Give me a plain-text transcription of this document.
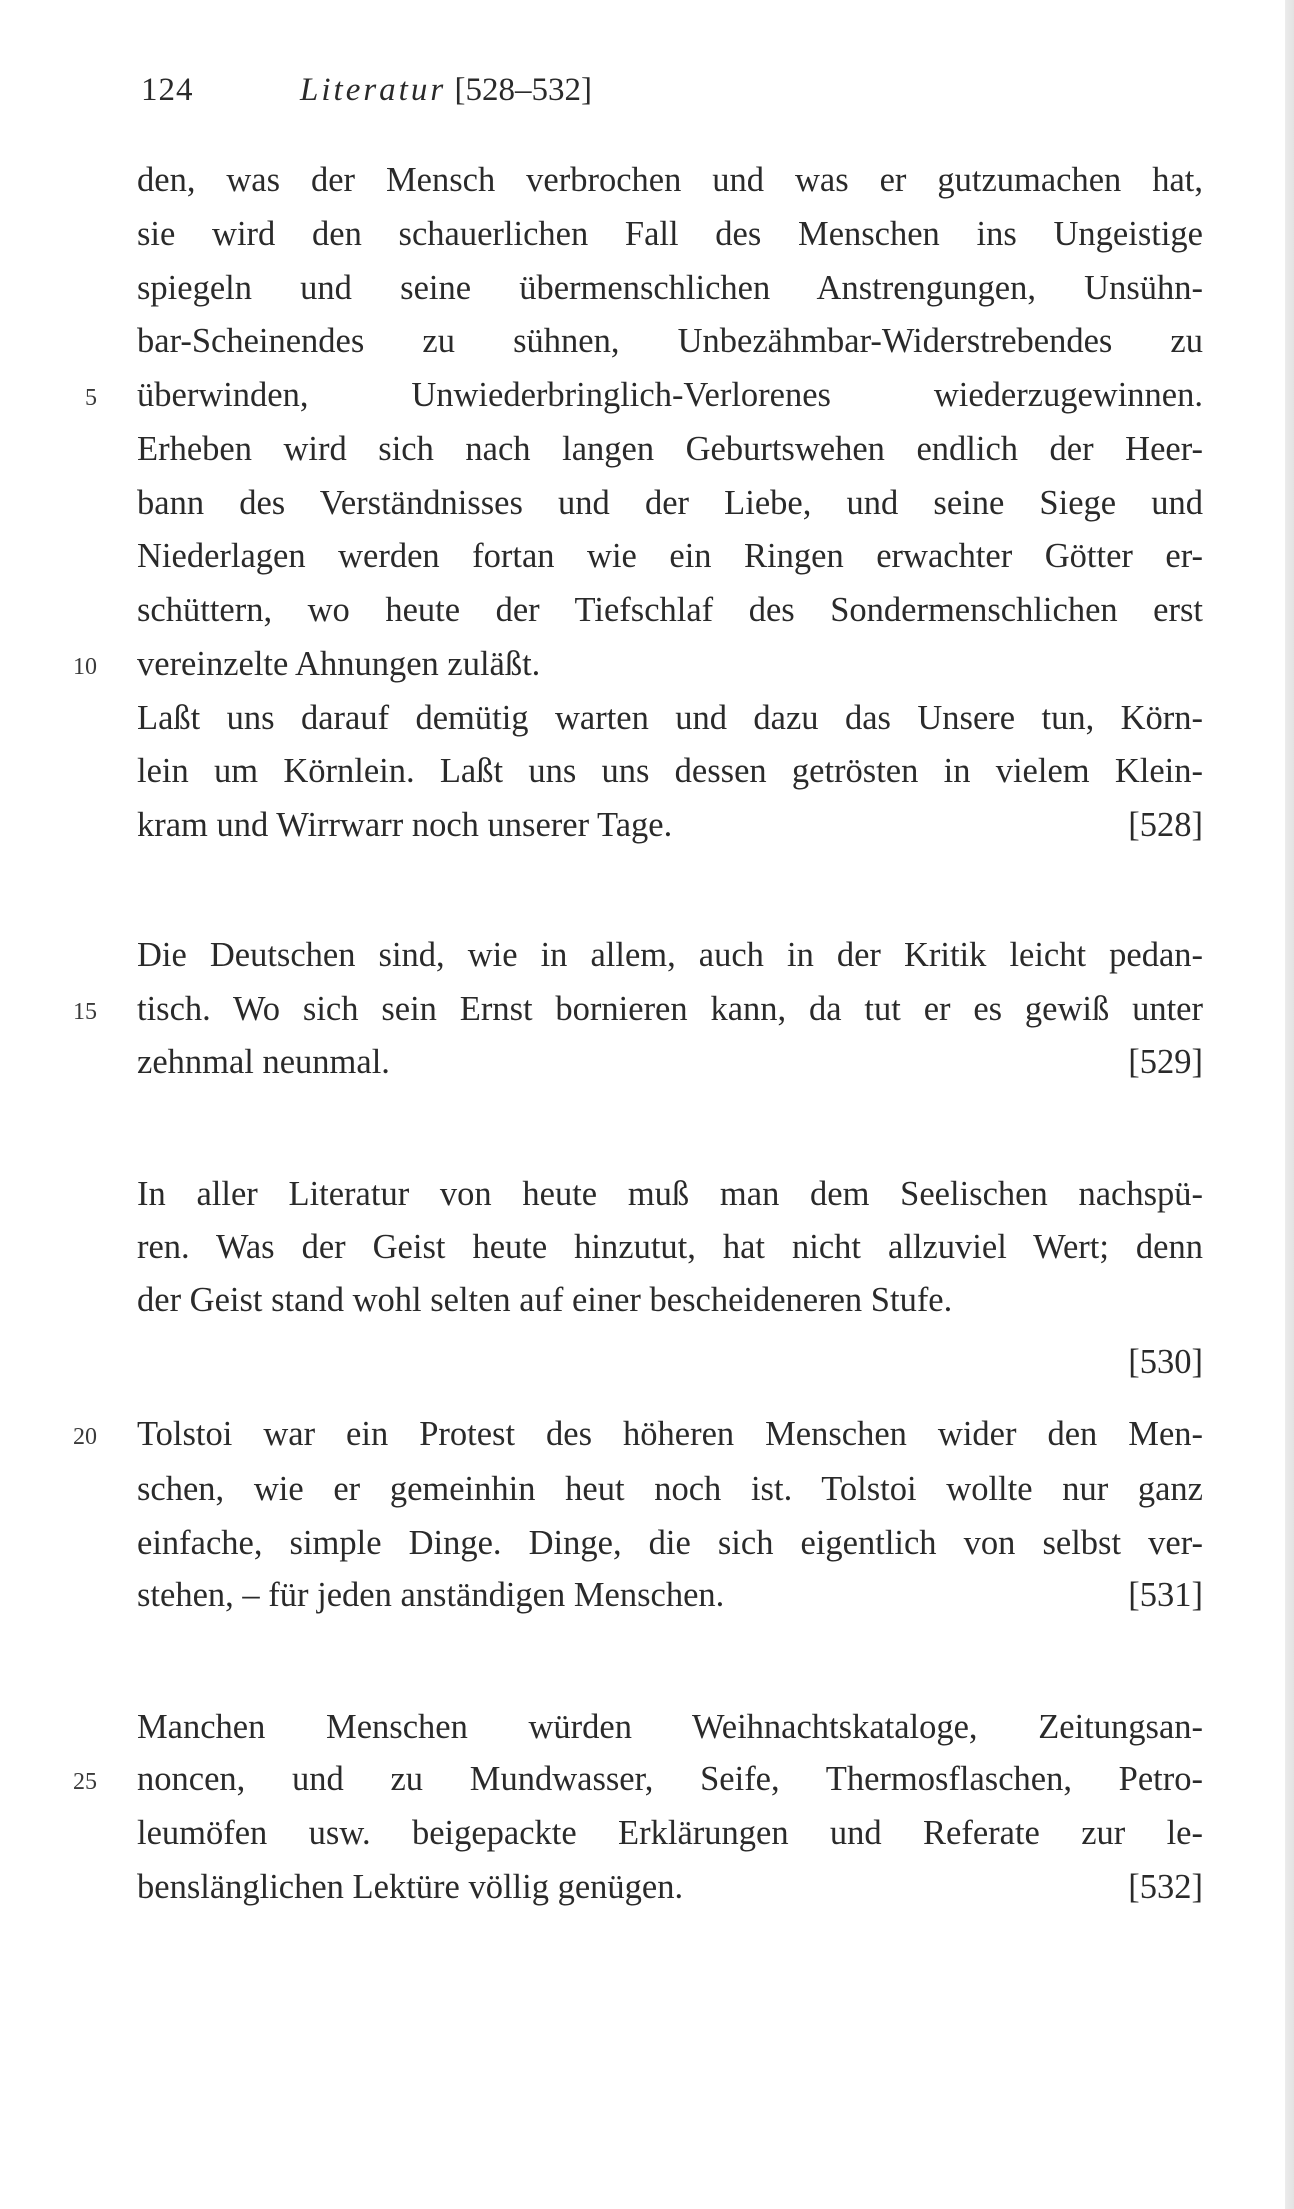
124	Literatur [528–532]
den, was der Mensch verbrochen und was er gutzumachen hat,
sie wird den schauerlichen Fall des Menschen ins Ungeistige
spiegeln und seine übermenschlichen Anstrengungen, Unsühn-
bar-Scheinendes zu sühnen, Unbezähmbar-Widerstrebendes zu
überwinden, Unwiederbringlich-Verlorenes wiederzugewinnen.
Erheben wird sich nach langen Geburtswehen endlich der Heer-
bann des Verständnisses und der Liebe, und seine Siege und
Niederlagen werden fortan wie ein Ringen erwachter Götter er-
schüttern, wo heute der Tiefschlaf des Sondermenschlichen erst
vereinzelte Ahnungen zuläßt.
Laßt uns darauf demütig warten und dazu das Unsere tun, Körn-
lein um Körnlein. Laßt uns uns dessen getrösten in vielem Klein-
kram und Wirrwarr noch unserer Tage.	[528]
Die Deutschen sind, wie in allem, auch in der Kritik leicht pedan-
tisch. Wo sich sein Ernst bornieren kann, da tut er es gewiß unter
zehnmal neunmal.	[529]
In aller Literatur von heute muß man dem Seelischen nachspü-
ren. Was der Geist heute hinzutut, hat nicht allzuviel Wert; denn
der Geist stand wohl selten auf einer bescheideneren Stufe.
[530]
Tolstoi war ein Protest des höheren Menschen wider den Men-
schen, wie er gemeinhin heut noch ist. Tolstoi wollte nur ganz
einfache, simple Dinge. Dinge, die sich eigentlich von selbst ver-
stehen, – für jeden anständigen Menschen.	[531]
Manchen Menschen würden Weihnachtskataloge, Zeitungsan-
noncen, und zu Mundwasser, Seife, Thermosflaschen, Petro-
leumöfen usw. beigepackte Erklärungen und Referate zur le-
benslänglichen Lektüre völlig genügen.	[532]
5
10
15
20
25
